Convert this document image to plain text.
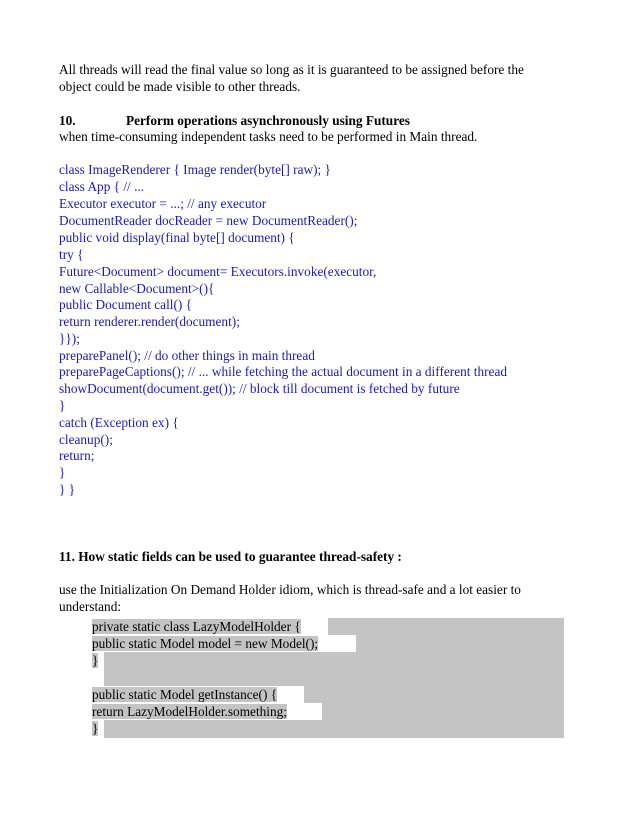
All threads will read the final value so long as it is guaranteed to be assigned before the
object could be made visible to other threads.
10.	Perform operations asynchronously using Futures
when time-consuming independent tasks need to be performed in Main thread.
class ImageRenderer { Image render(byte[] raw); }
class App { // ...
Executor executor = ...; // any executor
DocumentReader docReader = new DocumentReader();
public void display(final byte[] document) {
try {
Future<Document> document= Executors.invoke(executor,
new Callable<Document>(){
public Document call() {
return renderer.render(document);
}});
preparePanel(); // do other things in main thread
preparePageCaptions(); // ... while fetching the actual document in a different thread
showDocument(document.get()); // block till document is fetched by future
}
catch (Exception ex) {
cleanup();
return;
}
} }
11. How static fields can be used to guarantee thread-safety :
use the Initialization On Demand Holder idiom, which is thread-safe and a lot easier to
understand:
private static class LazyModelHolder {
public static Model model = new Model();
}
public static Model getInstance() {
return LazyModelHolder.something;
}
